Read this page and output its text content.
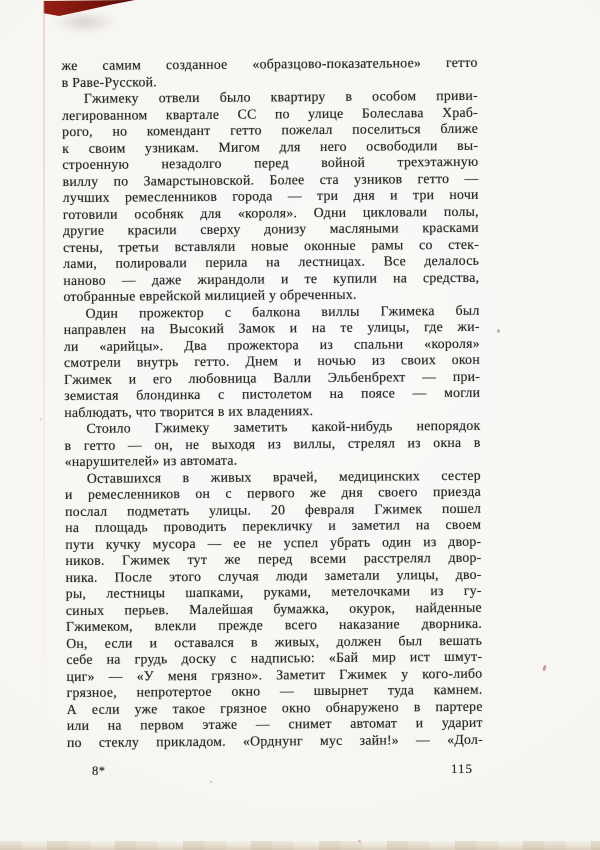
же самим созданное «образцово-показательное» гетто
в Раве-Русской.
Гжимеку отвели было квартиру в особом приви-
легированном квартале СС по улице Болеслава Храб-
рого, но комендант гетто пожелал поселиться ближе
к своим узникам. Мигом для него освободили вы-
строенную незадолго перед войной трехэтажную
виллу по Замарстыновской. Более ста узников гетто —
лучших ремесленников города — три дня и три ночи
готовили особняк для «короля». Одни цикловали полы,
другие красили сверху донизу масляными красками
стены, третьи вставляли новые оконные рамы со стек-
лами, полировали перила на лестницах. Все делалось
наново — даже жирандоли и те купили на средства,
отобранные еврейской милицией у обреченных.
Один прожектор с балкона виллы Гжимека был
направлен на Высокий Замок и на те улицы, где жи-
ли «арийцы». Два прожектора из спальни «короля»
смотрели внутрь гетто. Днем и ночью из своих окон
Гжимек и его любовница Валли Эльбенбрехт — при-
земистая блондинка с пистолетом на поясе — могли
наблюдать, что творится в их владениях.
Стоило Гжимеку заметить какой-нибудь непорядок
в гетто — он, не выходя из виллы, стрелял из окна в
«нарушителей» из автомата.
Оставшихся в живых врачей, медицинских сестер
и ремесленников он с первого же дня своего приезда
послал подметать улицы. 20 февраля Гжимек пошел
на площадь проводить перекличку и заметил на своем
пути кучку мусора — ее не успел убрать один из двор-
ников. Гжимек тут же перед всеми расстрелял двор-
ника. После этого случая люди заметали улицы, дво-
ры, лестницы шапками, руками, метелочками из гу-
синых перьев. Малейшая бумажка, окурок, найденные
Гжимеком, влекли прежде всего наказание дворника.
Он, если и оставался в живых, должен был вешать
себе на грудь доску с надписью: «Бай мир ист шмут-
циг» — «У меня грязно». Заметит Гжимек у кого-либо
грязное, непротертое окно — швырнет туда камнем.
А если уже такое грязное окно обнаружено в партере
или на первом этаже — снимет автомат и ударит
по стеклу прикладом. «Орднунг мус зайн!» — «Дол-
8*	115
